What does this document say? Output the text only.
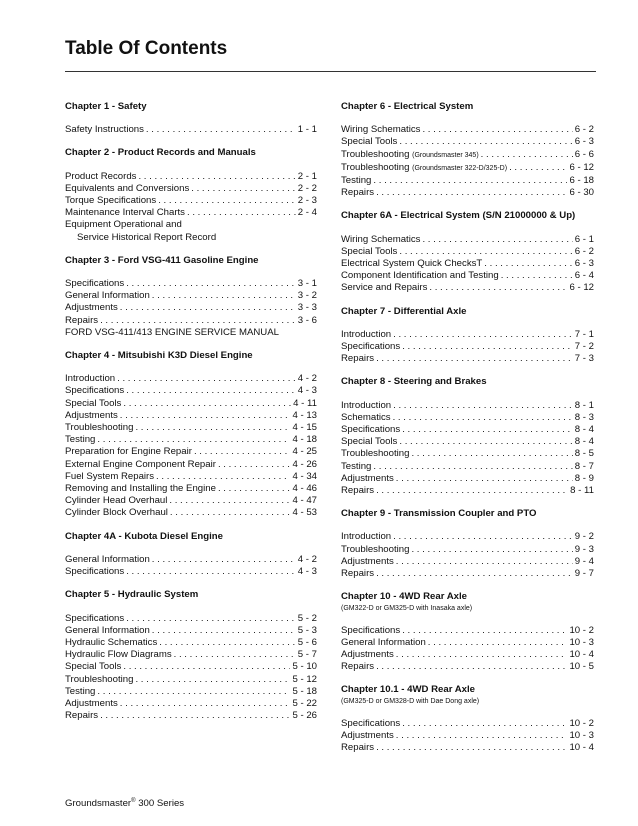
Table Of Contents
Chapter 1 - Safety
Safety Instructions . . .	1 - 1
Chapter 2 - Product Records and Manuals
Product Records . . .	2 - 1
Equivalents and Conversions . . .	2 - 2
Torque Specifications . . .	2 - 3
Maintenance Interval Charts . . .	2 - 4
Equipment Operational and
Service Historical Report Record
Chapter 3 - Ford VSG-411 Gasoline Engine
Specifications . . .	3 - 1
General Information . . .	3 - 2
Adjustments . . .	3 - 3
Repairs . . .	3 - 6
FORD VSG-411/413 ENGINE SERVICE MANUAL
Chapter 4 - Mitsubishi K3D Diesel Engine
Introduction . . .	4 - 2
Specifications . . .	4 - 3
Special Tools . . .	4 - 11
Adjustments . . .	4 - 13
Troubleshooting . . .	4 - 15
Testing . . .	4 - 18
Preparation for Engine Repair . . .	4 - 25
External Engine Component Repair . . .	4 - 26
Fuel System Repairs . . .	4 - 34
Removing and Installing the Engine . . .	4 - 46
Cylinder Head Overhaul . . .	4 - 47
Cylinder Block Overhaul . . .	4 - 53
Chapter 4A - Kubota Diesel Engine
General Information . . .	4 - 2
Specifications . . .	4 - 3
Chapter 5 - Hydraulic System
Specifications . . .	5 - 2
General Information . . .	5 - 3
Hydraulic Schematics . . .	5 - 6
Hydraulic Flow Diagrams . . .	5 - 7
Special Tools . . .	5 - 10
Troubleshooting . . .	5 - 12
Testing . . .	5 - 18
Adjustments . . .	5 - 22
Repairs . . .	5 - 26
Chapter 6 - Electrical System
Wiring Schematics . . .	6 - 2
Special Tools . . .	6 - 3
Troubleshooting (Groundsmaster 345) . . .	6 - 6
Troubleshooting (Groundsmaster 322-D/325-D) . . .	6 - 12
Testing . . .	6 - 18
Repairs . . .	6 - 30
Chapter 6A - Electrical System (S/N 21000000 & Up)
Wiring Schematics . . .	6 - 1
Special Tools . . .	6 - 2
Electrical System Quick ChecksT . . .	6 - 3
Component Identification and Testing . . .	6 - 4
Service and Repairs . . .	6 - 12
Chapter 7 - Differential Axle
Introduction . . .	7 - 1
Specifications . . .	7 - 2
Repairs . . .	7 - 3
Chapter 8 - Steering and Brakes
Introduction . . .	8 - 1
Schematics . . .	8 - 3
Specifications . . .	8 - 4
Special Tools . . .	8 - 4
Troubleshooting . . .	8 - 5
Testing . . .	8 - 7
Adjustments . . .	8 - 9
Repairs . . .	8 - 11
Chapter 9 - Transmission Coupler and PTO
Introduction . . .	9 - 2
Troubleshooting . . .	9 - 3
Adjustments . . .	9 - 4
Repairs . . .	9 - 7
Chapter 10 - 4WD Rear Axle
(GM322-D or GM325-D with Inasaka axle)
Specifications . . .	10 - 2
General Information . . .	10 - 3
Adjustments . . .	10 - 4
Repairs . . .	10 - 5
Chapter 10.1 - 4WD Rear Axle
(GM325-D or GM328-D with Dae Dong axle)
Specifications . . .	10 - 2
Adjustments . . .	10 - 3
Repairs . . .	10 - 4
Groundsmaster® 300 Series
